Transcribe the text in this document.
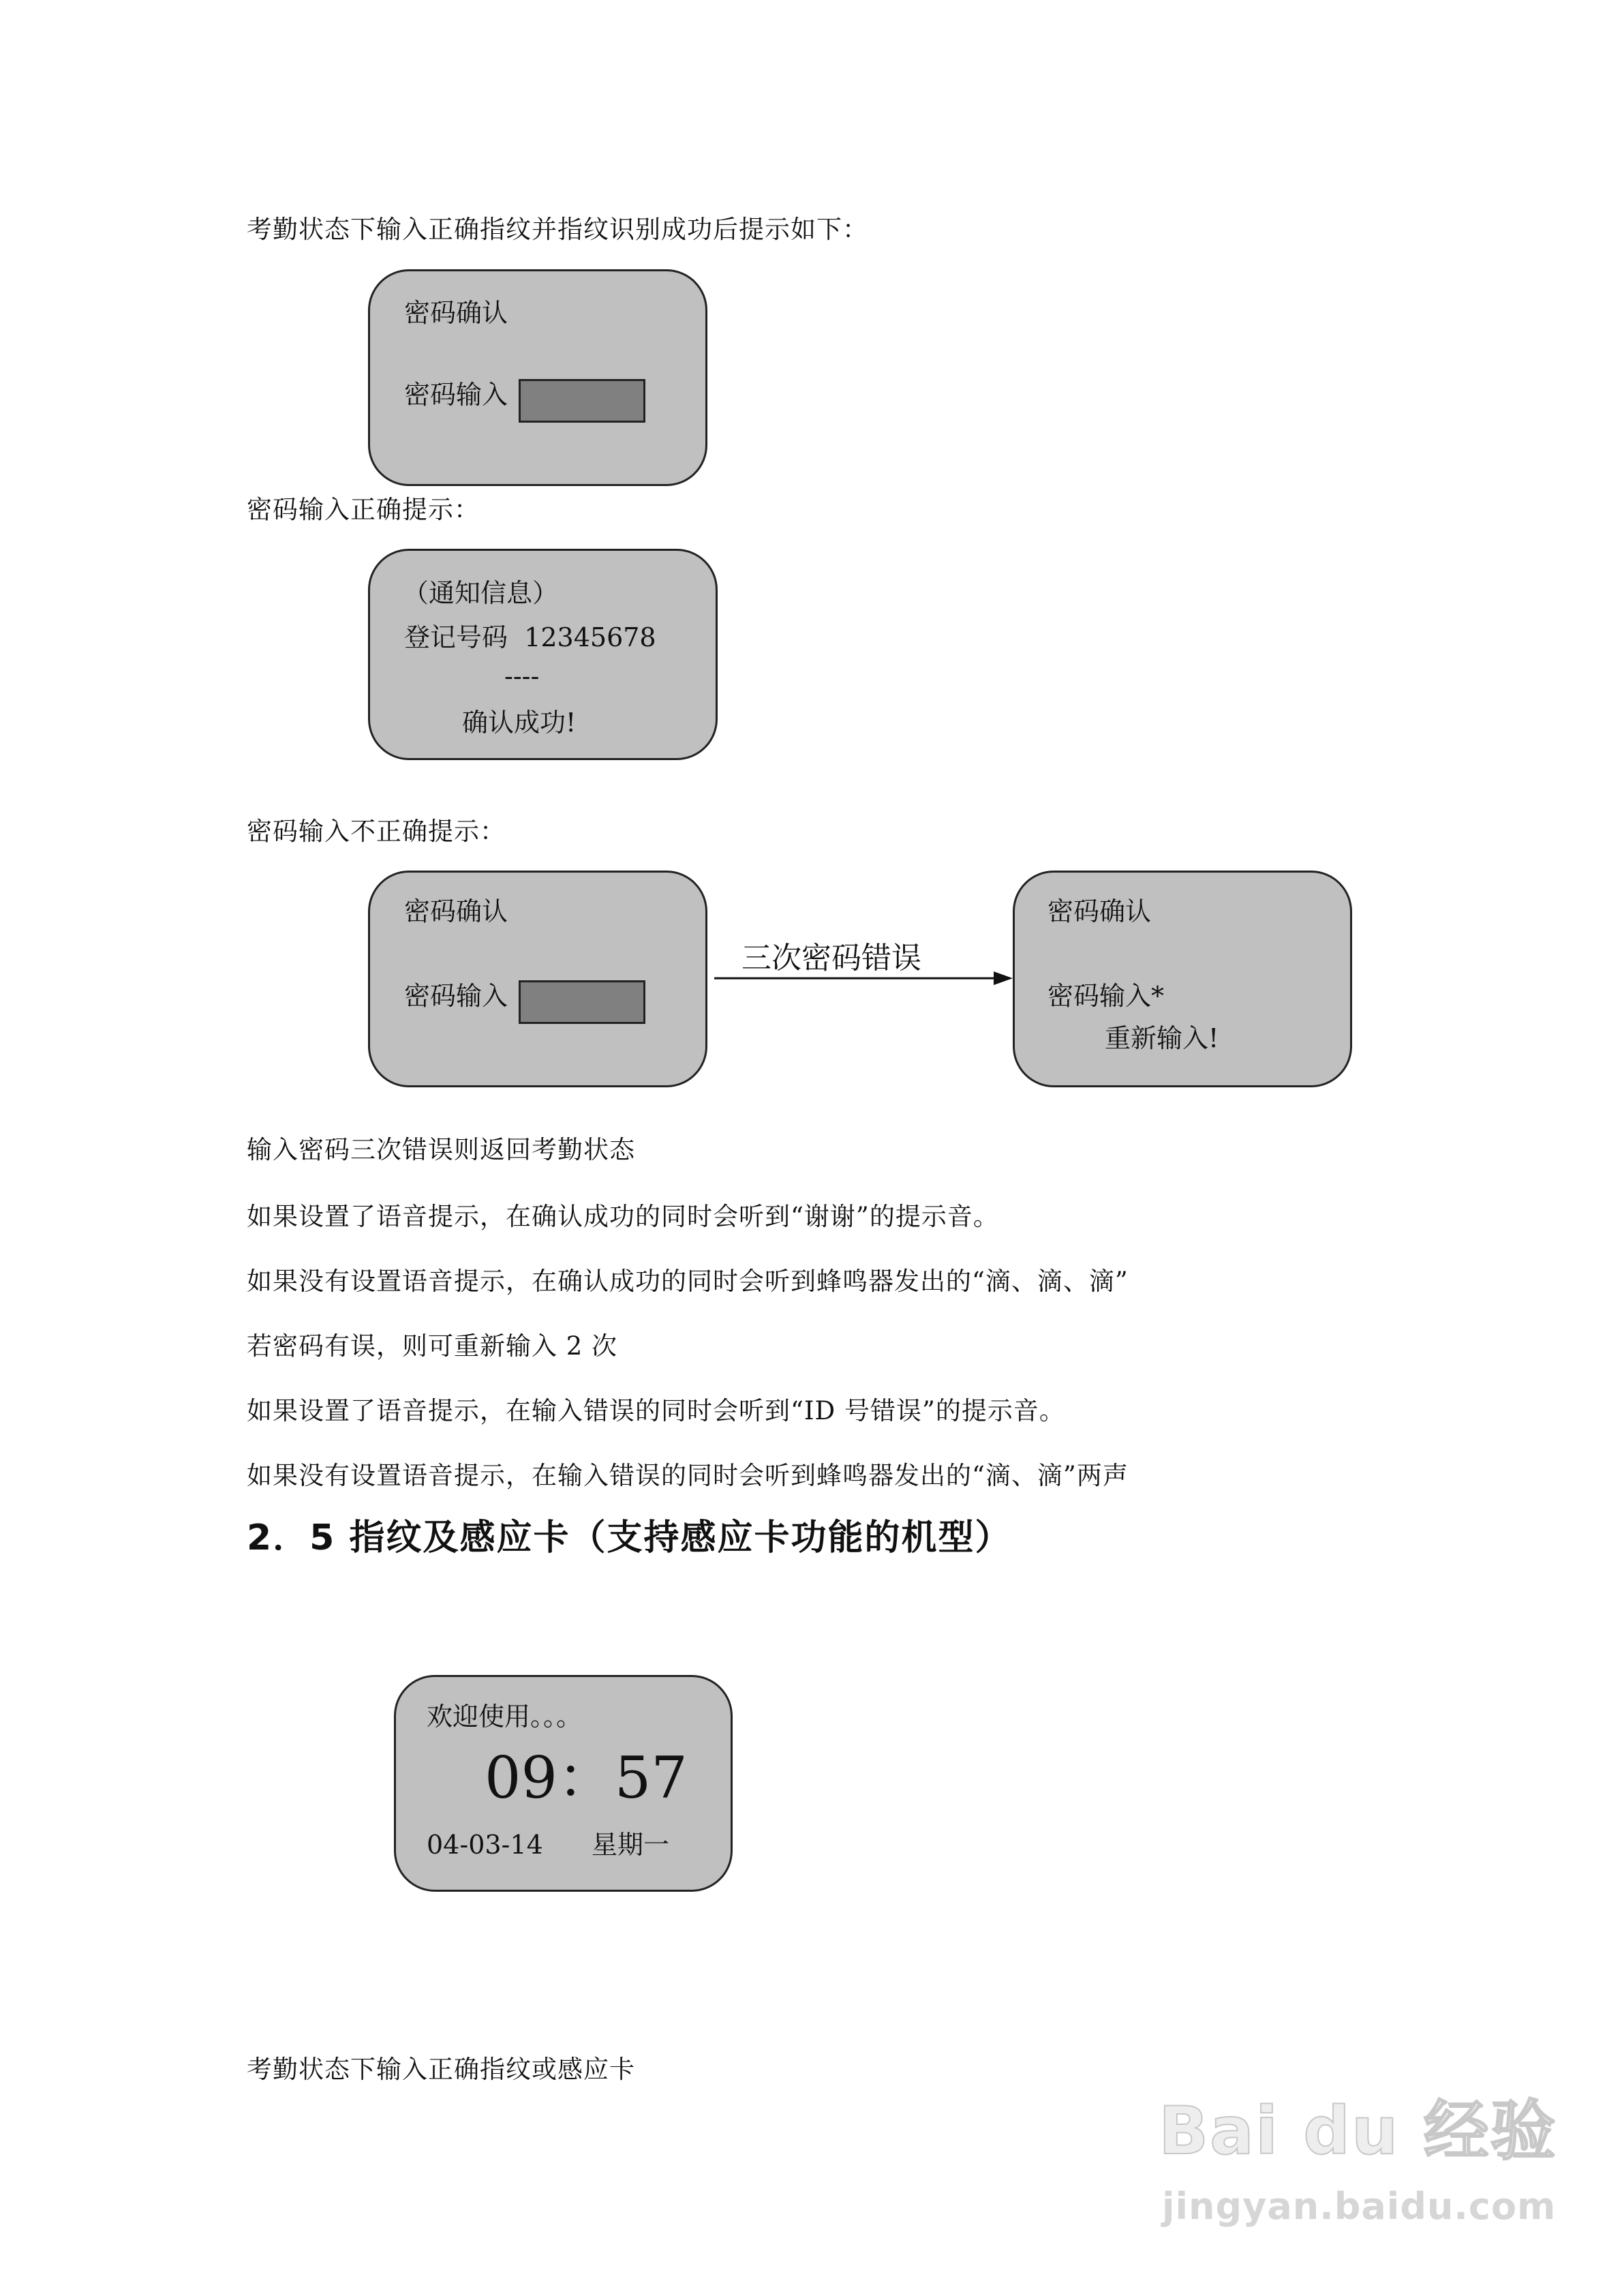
考勤状态下输入正确指纹并指纹识别成功后提示如下：
密码确认
密码输入
密码输入正确提示：
（通知信息）
登记号码 12345678
----
确认成功!
密码输入不正确提示：
密码确认
密码输入
三次密码错误
密码确认
密码输入*
重新输入!
输入密码三次错误则返回考勤状态
如果设置了语音提示，在确认成功的同时会听到“谢谢”的提示音。
如果没有设置语音提示，在确认成功的同时会听到蜂鸣器发出的“滴、滴、滴”
若密码有误，则可重新输入 2 次
如果设置了语音提示，在输入错误的同时会听到“ID 号错误”的提示音。
如果没有设置语音提示，在输入错误的同时会听到蜂鸣器发出的“滴、滴”两声
2．5 指纹及感应卡（支持感应卡功能的机型）
欢迎使用。。。
09：57
04-03-14 星期一
考勤状态下输入正确指纹或感应卡
Bai du 经验
jingyan.baidu.com
